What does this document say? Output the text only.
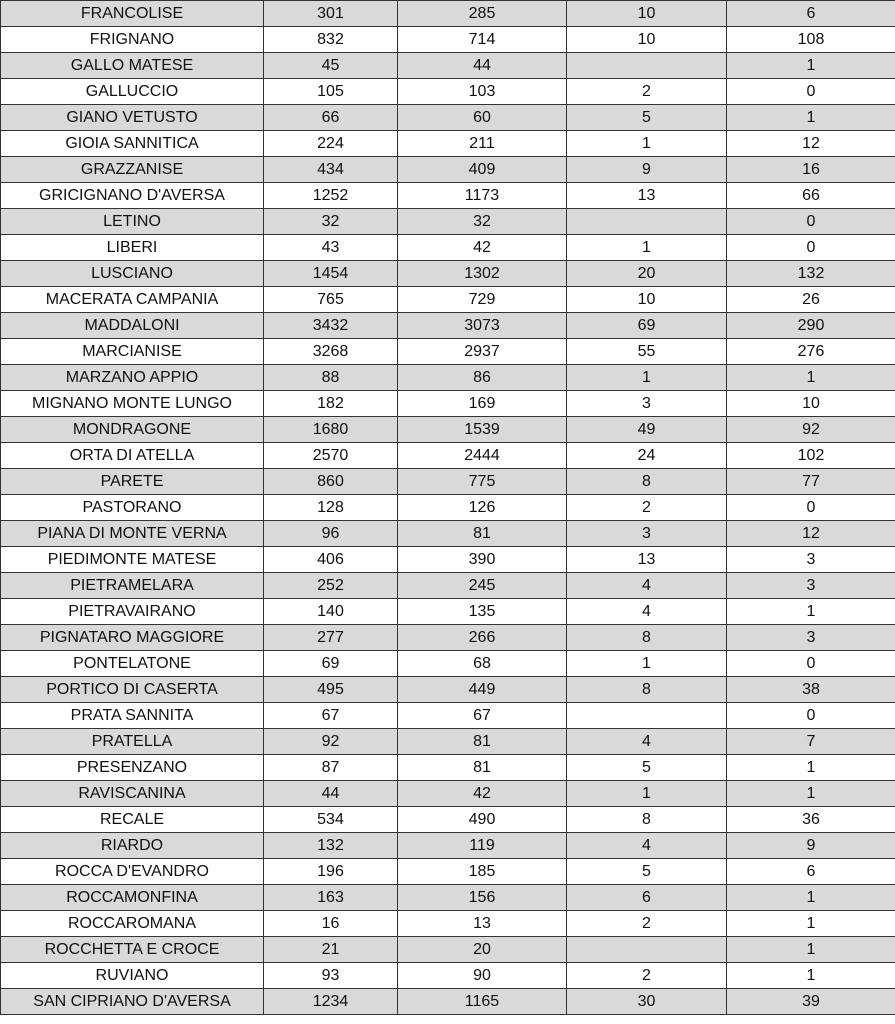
FRANCOLISE	301	285	10	6
FRIGNANO	832	714	10	108
GALLO MATESE	45	44		1
GALLUCCIO	105	103	2	0
GIANO VETUSTO	66	60	5	1
GIOIA SANNITICA	224	211	1	12
GRAZZANISE	434	409	9	16
GRICIGNANO D'AVERSA	1252	1173	13	66
LETINO	32	32		0
LIBERI	43	42	1	0
LUSCIANO	1454	1302	20	132
MACERATA CAMPANIA	765	729	10	26
MADDALONI	3432	3073	69	290
MARCIANISE	3268	2937	55	276
MARZANO APPIO	88	86	1	1
MIGNANO MONTE LUNGO	182	169	3	10
MONDRAGONE	1680	1539	49	92
ORTA DI ATELLA	2570	2444	24	102
PARETE	860	775	8	77
PASTORANO	128	126	2	0
PIANA DI MONTE VERNA	96	81	3	12
PIEDIMONTE MATESE	406	390	13	3
PIETRAMELARA	252	245	4	3
PIETRAVAIRANO	140	135	4	1
PIGNATARO MAGGIORE	277	266	8	3
PONTELATONE	69	68	1	0
PORTICO DI CASERTA	495	449	8	38
PRATA SANNITA	67	67		0
PRATELLA	92	81	4	7
PRESENZANO	87	81	5	1
RAVISCANINA	44	42	1	1
RECALE	534	490	8	36
RIARDO	132	119	4	9
ROCCA D'EVANDRO	196	185	5	6
ROCCAMONFINA	163	156	6	1
ROCCAROMANA	16	13	2	1
ROCCHETTA E CROCE	21	20		1
RUVIANO	93	90	2	1
SAN CIPRIANO D'AVERSA	1234	1165	30	39
